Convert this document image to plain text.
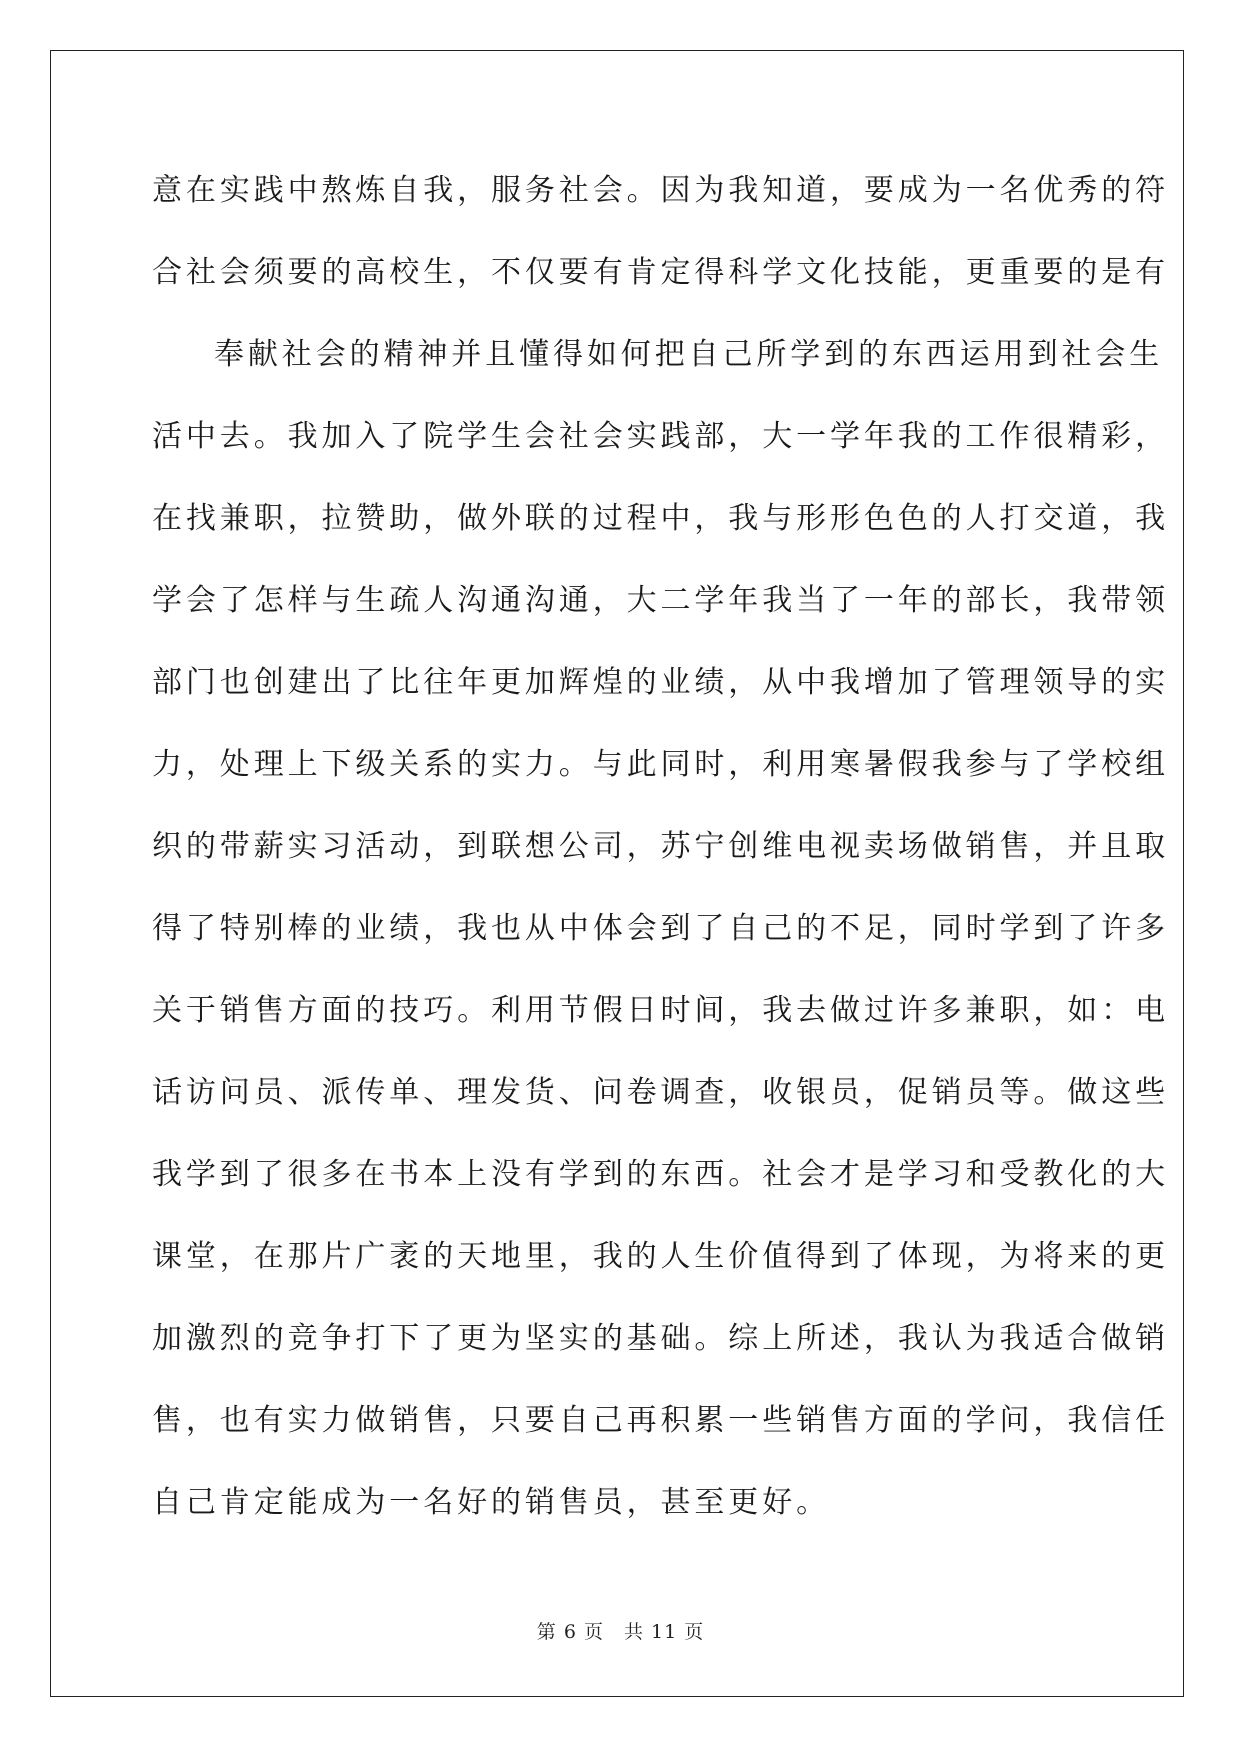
意在实践中熬炼自我，服务社会。因为我知道，要成为一名优秀的符
合社会须要的高校生，不仅要有肯定得科学文化技能，更重要的是有
奉献社会的精神并且懂得如何把自己所学到的东西运用到社会生
活中去。我加入了院学生会社会实践部，大一学年我的工作很精彩，
在找兼职，拉赞助，做外联的过程中，我与形形色色的人打交道，我
学会了怎样与生疏人沟通沟通，大二学年我当了一年的部长，我带领
部门也创建出了比往年更加辉煌的业绩，从中我增加了管理领导的实
力，处理上下级关系的实力。与此同时，利用寒暑假我参与了学校组
织的带薪实习活动，到联想公司，苏宁创维电视卖场做销售，并且取
得了特别棒的业绩，我也从中体会到了自己的不足，同时学到了许多
关于销售方面的技巧。利用节假日时间，我去做过许多兼职，如：电
话访问员、派传单、理发货、问卷调查，收银员，促销员等。做这些
我学到了很多在书本上没有学到的东西。社会才是学习和受教化的大
课堂，在那片广袤的天地里，我的人生价值得到了体现，为将来的更
加激烈的竞争打下了更为坚实的基础。综上所述，我认为我适合做销
售，也有实力做销售，只要自己再积累一些销售方面的学问，我信任
自己肯定能成为一名好的销售员，甚至更好。
第 6 页　共 11 页
